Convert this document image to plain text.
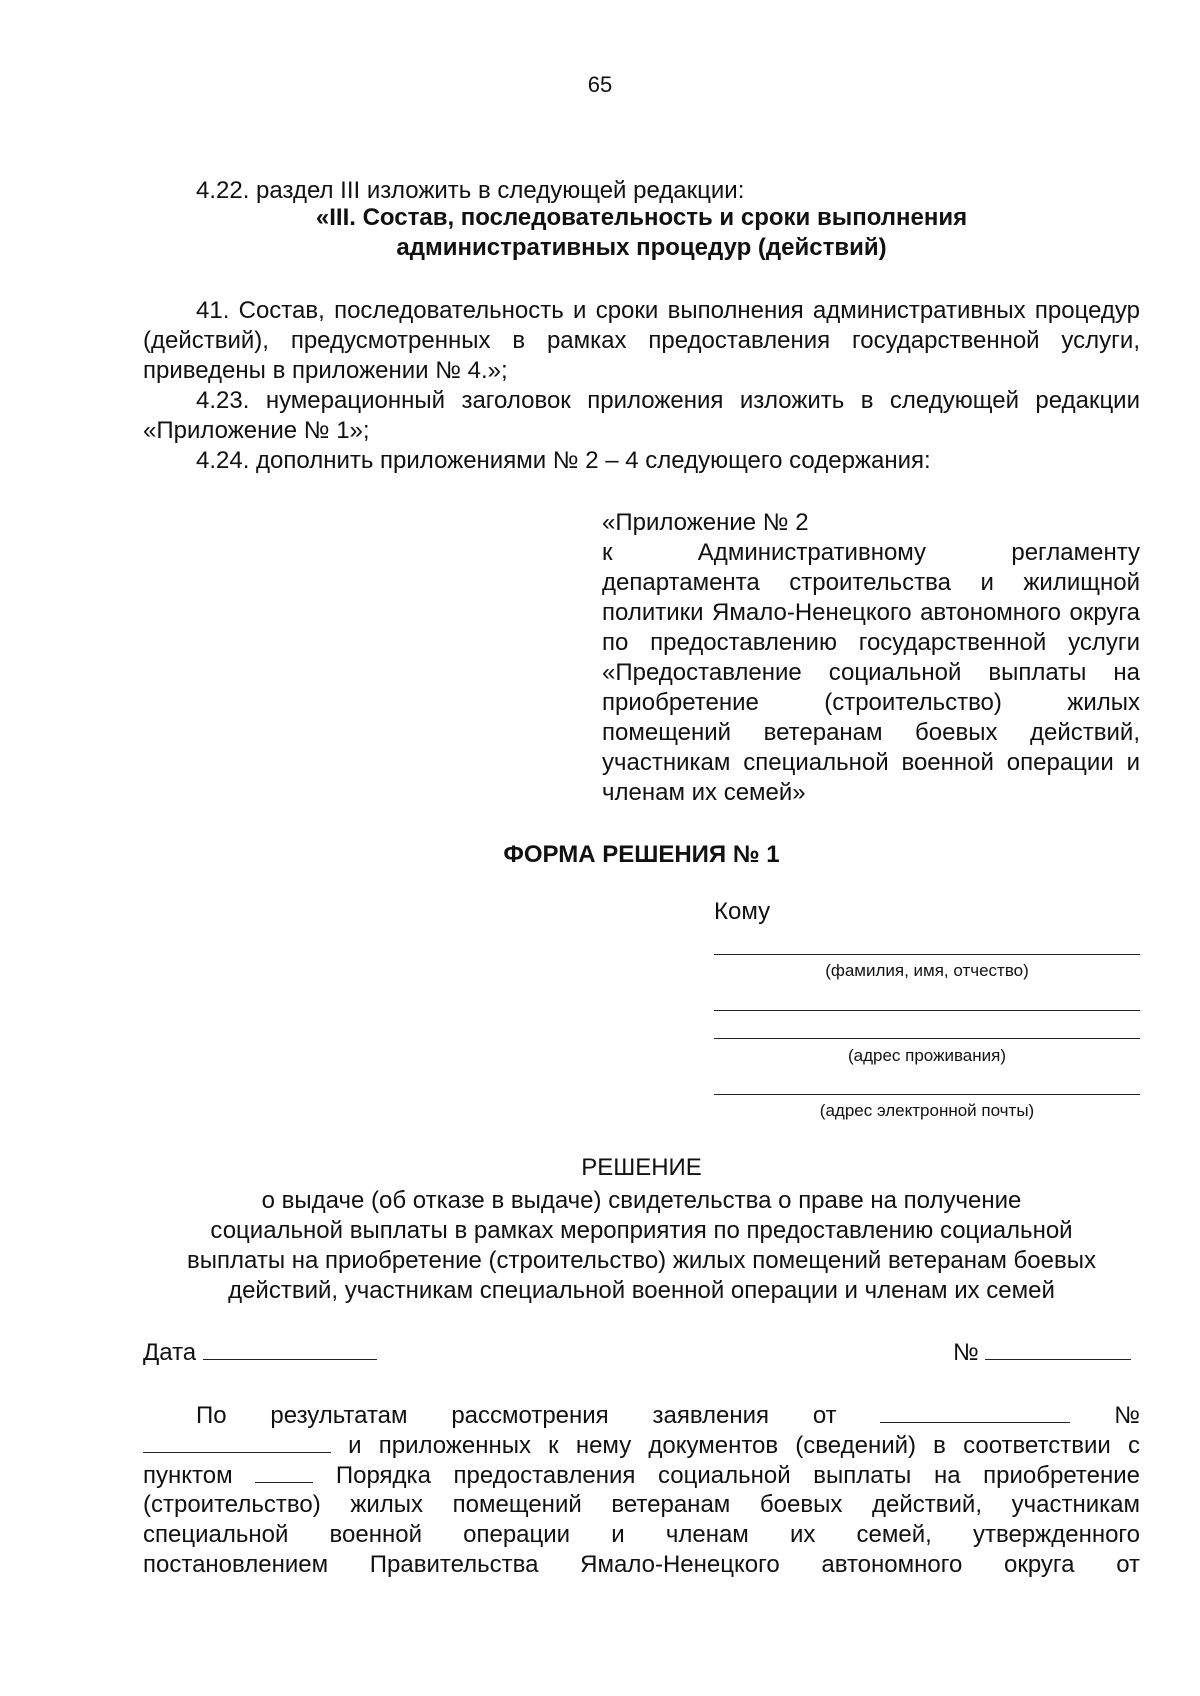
65
4.22. раздел III изложить в следующей редакции:
«III. Состав, последовательность и сроки выполнения
административных процедур (действий)
41. Состав, последовательность и сроки выполнения административных процедур (действий), предусмотренных в рамках предоставления государственной услуги, приведены в приложении № 4.»;
4.23. нумерационный заголовок приложения изложить в следующей редакции «Приложение № 1»;
4.24. дополнить приложениями № 2 – 4 следующего содержания:
«Приложение № 2
к Административному регламенту департамента строительства и жилищной политики Ямало-Ненецкого автономного округа по предоставлению государственной услуги «Предоставление социальной выплаты на приобретение (строительство) жилых помещений ветеранам боевых действий, участникам специальной военной операции и членам их семей»
ФОРМА РЕШЕНИЯ № 1
Кому
(фамилия, имя, отчество)
(адрес проживания)
(адрес электронной почты)
РЕШЕНИЕ
о выдаче (об отказе в выдаче) свидетельства о праве на получение
социальной выплаты в рамках мероприятия по предоставлению социальной
выплаты на приобретение (строительство) жилых помещений ветеранам боевых
действий, участникам специальной военной операции и членам их семей
Дата	№
По результатам рассмотрения заявления от	№
и приложенных к нему документов (сведений) в соответствии с
пунктом	Порядка предоставления социальной выплаты на приобретение
(строительство) жилых помещений ветеранам боевых действий, участникам
специальной военной операции и членам их семей, утвержденного
постановлением Правительства Ямало-Ненецкого автономного округа от
